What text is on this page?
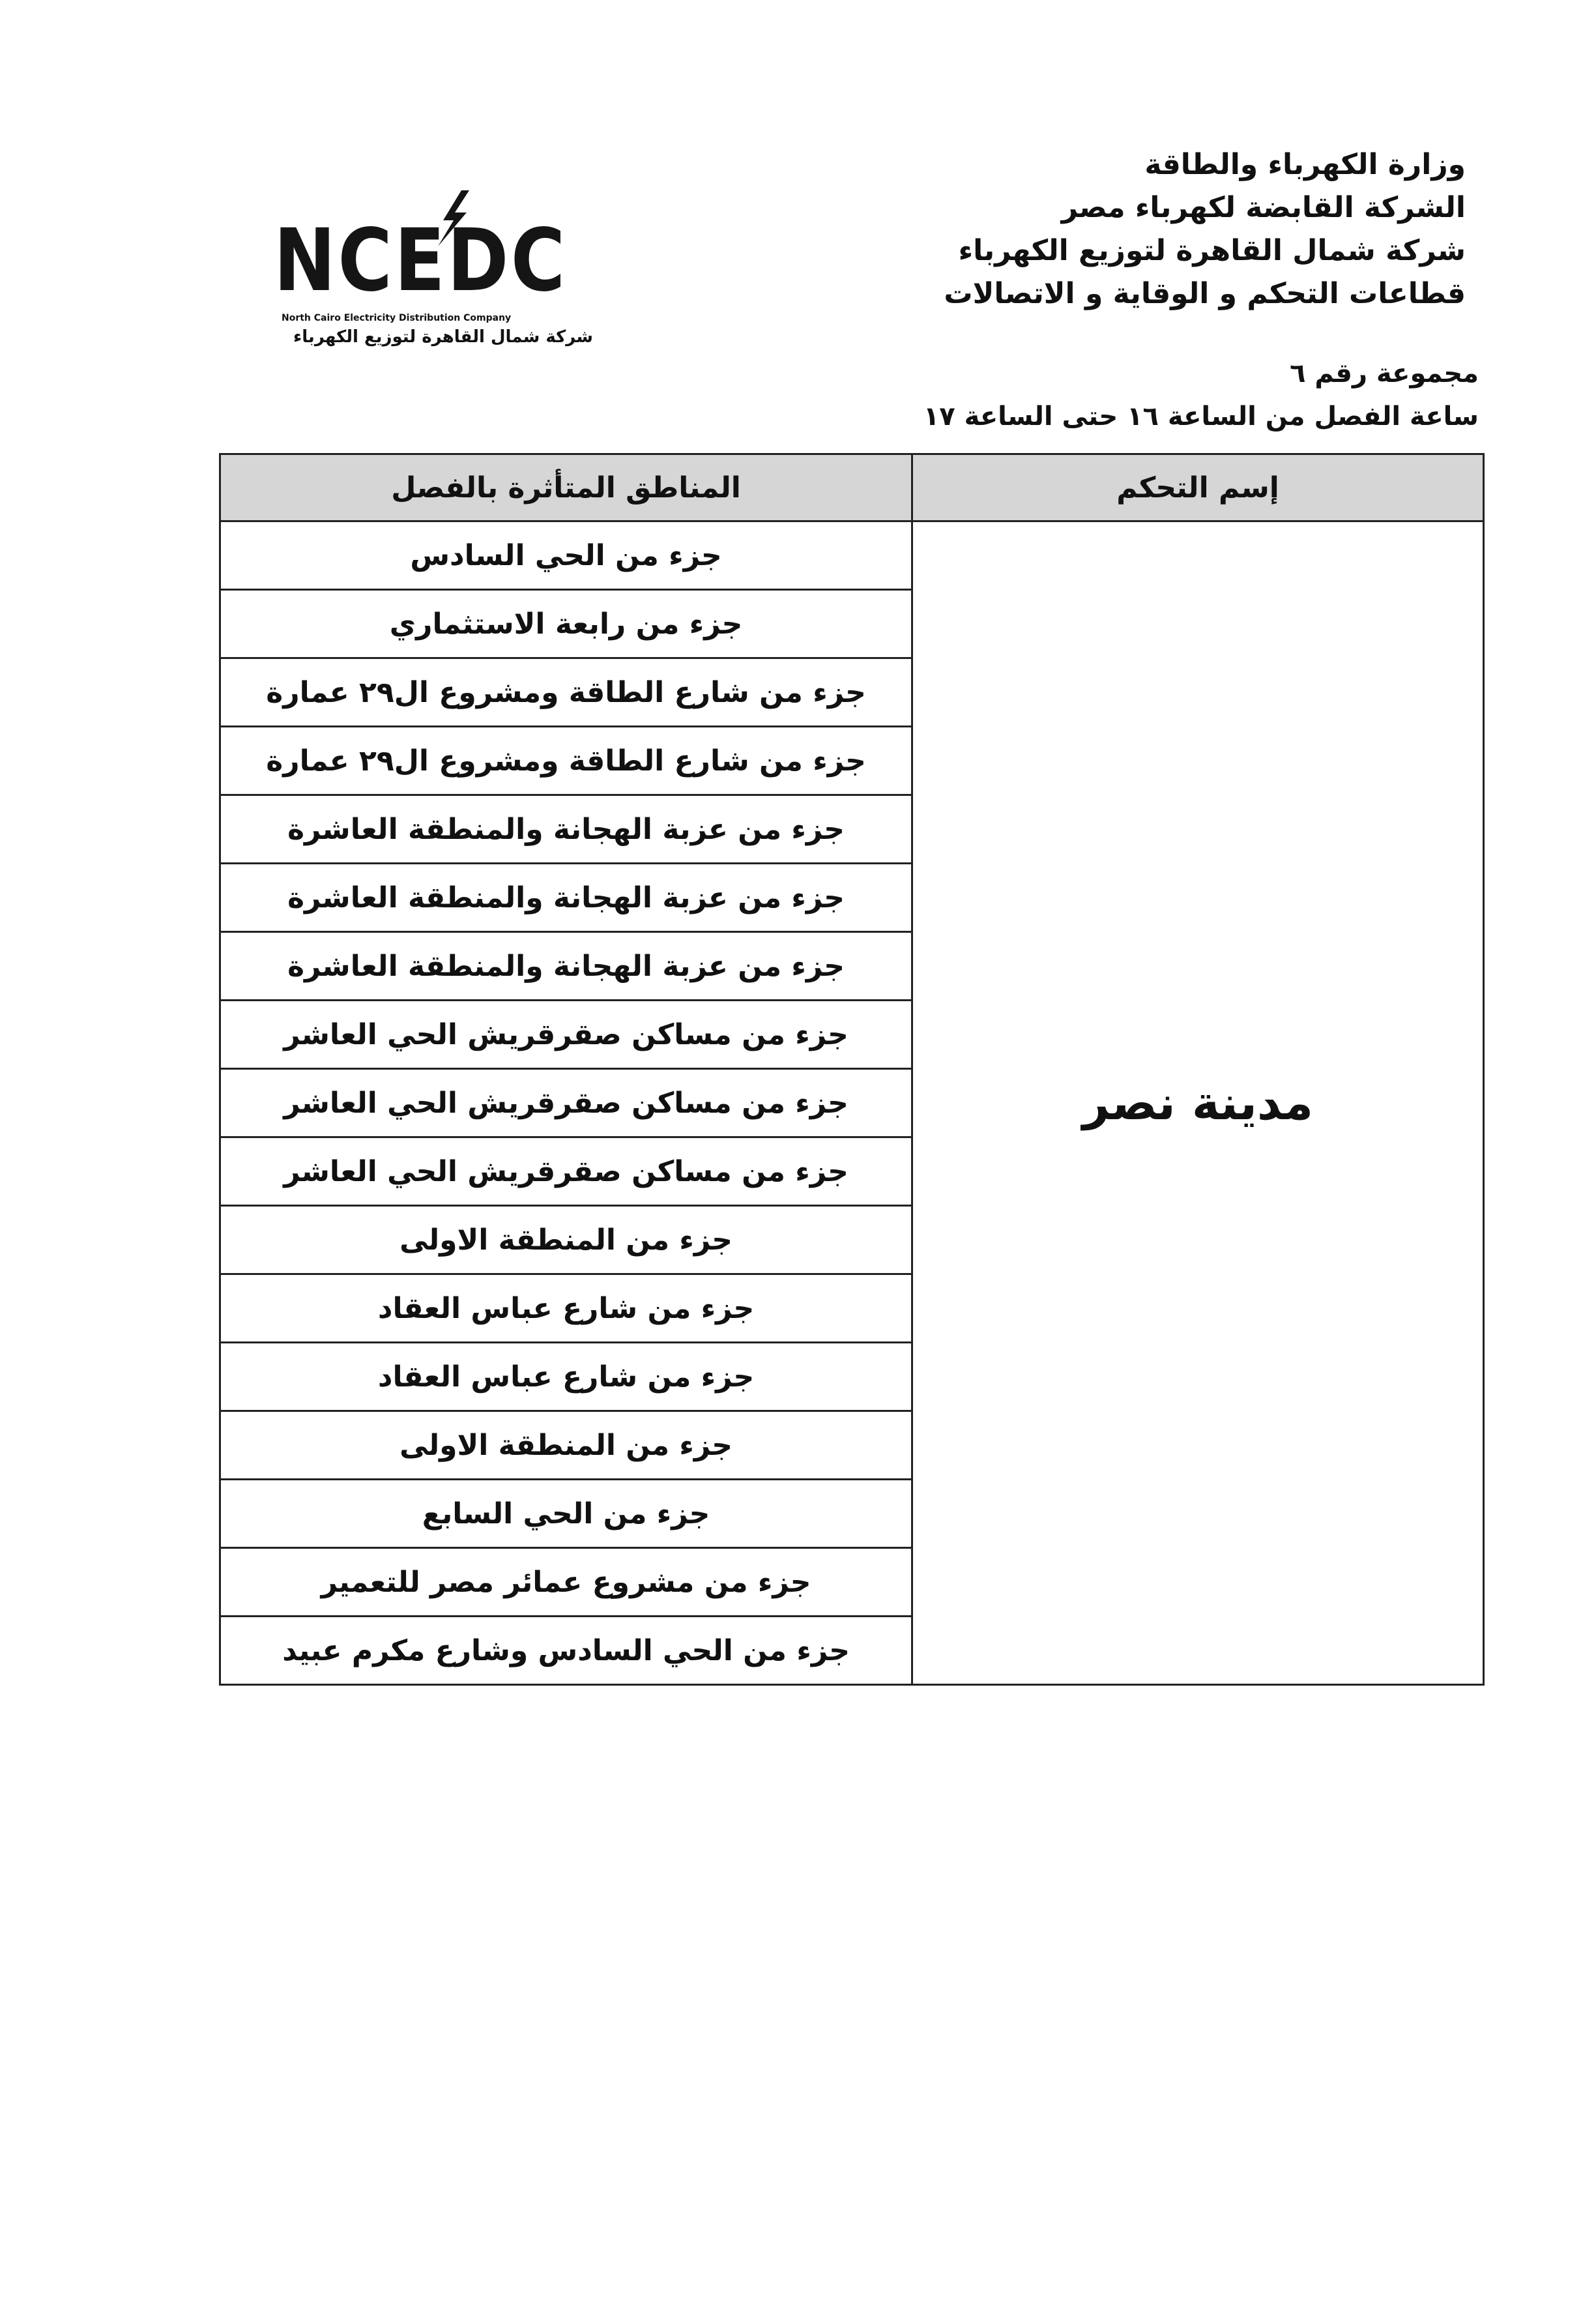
وزارة الكهرباء والطاقة
الشركة القابضة لكهرباء مصر
شركة شمال القاهرة لتوزيع الكهرباء
قطاعات التحكم و الوقاية و الاتصالات
NCEDC
North Cairo Electricity Distribution Company
شركة شمال القاهرة لتوزيع الكهرباء
مجموعة رقم ٦
ساعة الفصل من الساعة ١٦ حتى الساعة ١٧
إسم التحكم	المناطق المتأثرة بالفصل
مدينة نصر	جزء من الحي السادس
	جزء من رابعة الاستثماري
	جزء من شارع الطاقة ومشروع ال٢٩ عمارة
	جزء من شارع الطاقة ومشروع ال٢٩ عمارة
	جزء من عزبة الهجانة والمنطقة العاشرة
	جزء من عزبة الهجانة والمنطقة العاشرة
	جزء من عزبة الهجانة والمنطقة العاشرة
	جزء من مساكن صقرقريش الحي العاشر
	جزء من مساكن صقرقريش الحي العاشر
	جزء من مساكن صقرقريش الحي العاشر
	جزء من المنطقة الاولى
	جزء من شارع عباس العقاد
	جزء من شارع عباس العقاد
	جزء من المنطقة الاولى
	جزء من الحي السابع
	جزء من مشروع عمائر مصر للتعمير
	جزء من الحي السادس وشارع مكرم عبيد
